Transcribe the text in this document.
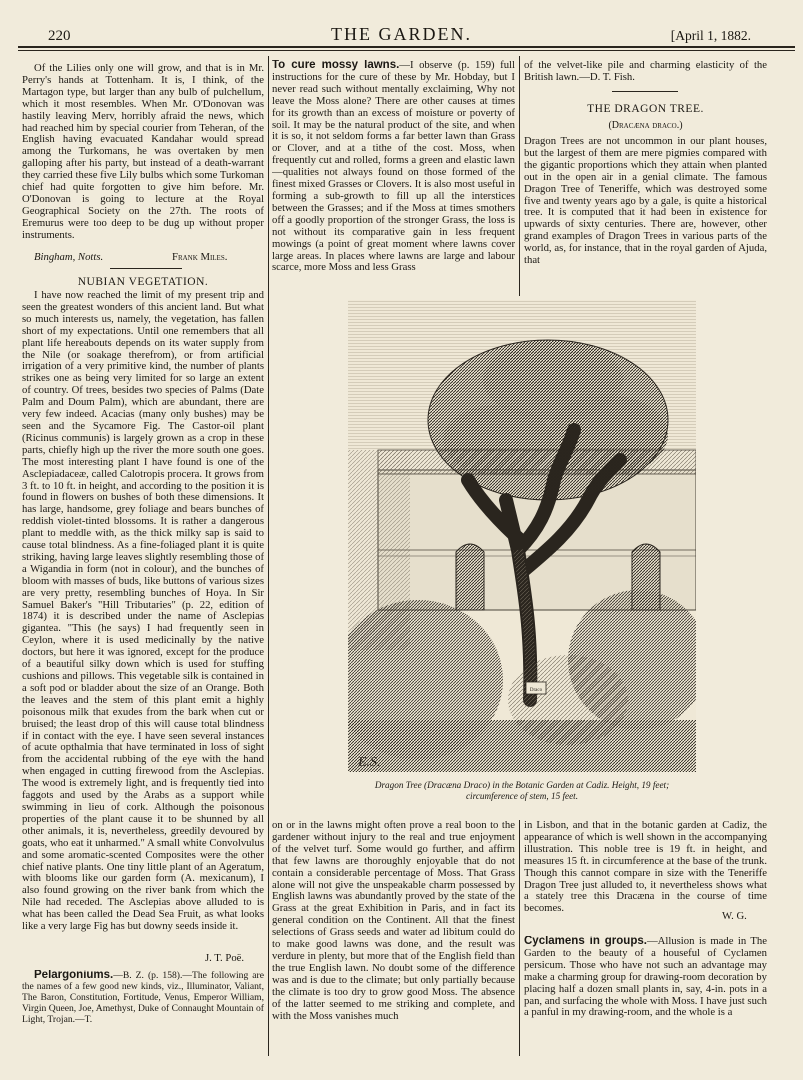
220	THE GARDEN.	[April 1, 1882.

Of the Lilies only one will grow, and that is in Mr. Perry's hands at Tottenham. It is, I think, of the Martagon type, but larger than any bulb of pulchellum, which it most resembles. When Mr. O'Donovan was hastily leaving Merv, horribly afraid the news, which had reached him by special courier from Teheran, of the English having evacuated Kandahar would spread among the Turkomans, he was overtaken by men galloping after his party, but instead of a death-warrant they carried these five Lily bulbs which some Turkoman chief had quite forgotten to give him before. Mr. O'Donovan is going to lecture at the Royal Geographical Society on the 27th. The roots of Eremurus were too deep to be dug up without proper instruments.

Bingham, Notts.	Frank Miles.
NUBIAN VEGETATION.

I have now reached the limit of my present trip and seen the greatest wonders of this ancient land. But what so much interests us, namely, the vegetation, has fallen short of my expectations. Until one remembers that all plant life hereabouts depends on its water supply from the Nile (or soakage therefrom), or from artificial irrigation of a very primitive kind, the number of plants strikes one as being very limited for so large an extent of country. Of trees, besides two species of Palms (Date Palm and Doum Palm), which are abundant, there are very few indeed. Acacias (many only bushes) may be seen and the Sycamore Fig. The Castor-oil plant (Ricinus communis) is largely grown as a crop in these parts, chiefly high up the river the more south one goes. The most interesting plant I have found is one of the Asclepiadaceæ, called Calotropis procera. It grows from 3 ft. to 10 ft. in height, and according to the position it is found in flowers on bushes of both these dimensions. It has large, handsome, grey foliage and bears bunches of reddish violet-tinted blossoms. It is rather a dangerous plant to meddle with, as the thick milky sap is said to cause total blindness. As a fine-foliaged plant it is quite striking, having large leaves slightly resembling those of a Wigandia in form (not in colour), and the bunches of bloom with masses of buds, like buttons of various sizes are very pretty, resembling bunches of Hoya. In Sir Samuel Baker's "Hill Tributaries" (p. 22, edition of 1874) it is described under the name of Asclepias gigantea. "This (he says) I had frequently seen in Ceylon, where it is used medicinally by the native doctors, but here it was ignored, except for the produce of a beautiful silky down which is used for stuffing cushions and pillows. This vegetable silk is contained in a soft pod or bladder about the size of an Orange. Both the leaves and the stem of this plant emit a highly poisonous milk that exudes from the bark when cut or bruised; the least drop of this will cause total blindness if in contact with the eye. I have seen several instances of acute opthalmia that have terminated in loss of sight from the accidental rubbing of the eye with the hand when engaged in cutting firewood from the Asclepias. The wood is extremely light, and is frequently tied into faggots and used by the Arabs as a support while swimming in lieu of cork. Although the poisonous properties of the plant cause it to be shunned by all other animals, it is, nevertheless, greedily devoured by goats, who eat it unharmed." A small white Convolvulus and some aromatic-scented Composites were the other chief native plants. One tiny little plant of an Ageratum, with blooms like our garden form (A. mexicanum), I also found growing on the river bank from which the Nile had receded. The Asclepias above alluded to is what has been called the Dead Sea Fruit, as what looks like a very large Fig has but downy seeds inside it.

J. T. Poë.

Pelargoniums.—B. Z. (p. 158).—The following are the names of a few good new kinds, viz., Illuminator, Valiant, The Baron, Constitution, Fortitude, Venus, Emperor William, Virgin Queen, Joe, Amethyst, Duke of Connaught Mountain of Light, Trojan.—T.

To cure mossy lawns.—I observe (p. 159) full instructions for the cure of these by Mr. Hobday, but I never read such without mentally exclaiming, Why not leave the Moss alone? There are other causes at times for its growth than an excess of moisture or poverty of soil. It may be the natural product of the site, and when it is so, it not seldom forms a far better lawn than Grass or Clover, and at a tithe of the cost. Moss, when frequently cut and rolled, forms a green and elastic lawn—qualities not always found on those formed of the finest mixed Grasses or Clovers. It is also most useful in forming a sub-growth to fill up all the interstices between the Grasses; and if the Moss at times smothers off a goodly proportion of the stronger Grass, the loss is not without its comparative gain in less frequent mowings (a point of great moment where lawns cover large areas. In places where lawns are large and labour scarce, more Moss and less Grass

of the velvet-like pile and charming elasticity of the British lawn.—D. T. Fish.

THE DRAGON TREE.
(Dracæna draco.)

Dragon Trees are not uncommon in our plant houses, but the largest of them are mere pigmies compared with the gigantic proportions which they attain when planted out in the open air in a genial climate. The famous Dragon Tree of Teneriffe, which was destroyed some five and twenty years ago by a gale, is quite a historical tree. It is computed that it had been in existence for upwards of sixty centuries. There are, however, other grand examples of Dragon Trees in various parts of the world, as, for instance, that in the royal garden of Ajuda, that

Draco
E.S.
Dragon Tree (Dracæna Draco) in the Botanic Garden at Cadiz. Height, 19 feet; circumference of stem, 15 feet.

on or in the lawns might often prove a real boon to the gardener without injury to the real and true enjoyment of the velvet turf. Some would go further, and affirm that few lawns are thoroughly enjoyable that do not contain a considerable percentage of Moss. That Grass alone will not give the unspeakable charm possessed by English lawns was abundantly proved by the state of the Grass at the great Exhibition in Paris, and in fact its general condition on the Continent. All that the finest selections of Grass seeds and water ad libitum could do to make good lawns was done, and the result was verdure in plenty, but more that of the English field than the true English lawn. No doubt some of the difference was and is due to the climate; but only partially because the climate is too dry to grow good Moss. The absence of the latter seemed to me striking and complete, and with the Moss vanishes much

in Lisbon, and that in the botanic garden at Cadiz, the appearance of which is well shown in the accompanying illustration. This noble tree is 19 ft. in height, and measures 15 ft. in circumference at the base of the trunk. Though this cannot compare in size with the Teneriffe Dragon Tree just alluded to, it nevertheless shows what a stately tree this Dracæna in the course of time becomes.

W. G.

Cyclamens in groups.—Allusion is made in The Garden to the beauty of a houseful of Cyclamen persicum. Those who have not such an advantage may make a charming group for drawing-room decoration by placing half a dozen small plants in, say, 4-in. pots in a pan, and surfacing the whole with Moss. I have just such a panful in my drawing-room, and the whole is a
